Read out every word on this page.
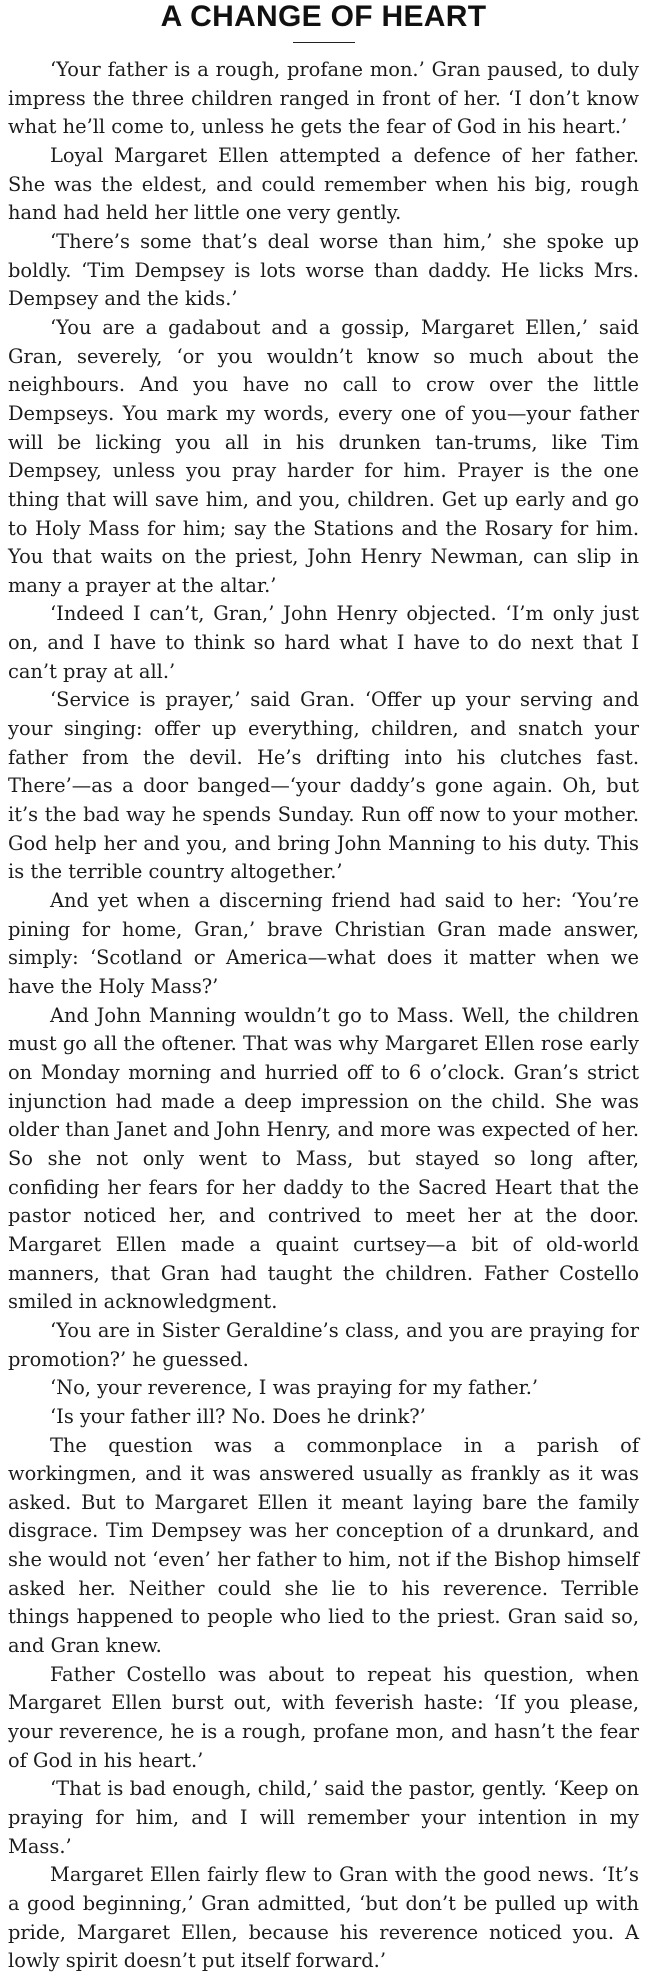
A CHANGE OF HEART

‘Your father is a rough, profane mon.’ Gran paused, to duly impress the three children ranged in front of her. ‘I don’t know what he’ll come to, unless he gets the fear of God in his heart.’

Loyal Margaret Ellen attempted a defence of her father. She was the eldest, and could remember when his big, rough hand had held her little one very gently.

‘There’s some that’s deal worse than him,’ she spoke up boldly. ‘Tim Dempsey is lots worse than daddy. He licks Mrs. Dempsey and the kids.’

‘You are a gadabout and a gossip, Margaret Ellen,’ said Gran, severely, ‘or you wouldn’t know so much about the neighbours. And you have no call to crow over the little Dempseys. You mark my words, every one of you—your father will be licking you all in his drunken tan-trums, like Tim Dempsey, unless you pray harder for him. Prayer is the one thing that will save him, and you, children. Get up early and go to Holy Mass for him; say the Stations and the Rosary for him. You that waits on the priest, John Henry Newman, can slip in many a prayer at the altar.’

‘Indeed I can’t, Gran,’ John Henry objected. ‘I’m only just on, and I have to think so hard what I have to do next that I can’t pray at all.’

‘Service is prayer,’ said Gran. ‘Offer up your serving and your singing: offer up everything, children, and snatch your father from the devil. He’s drifting into his clutches fast. There’—as a door banged—‘your daddy’s gone again. Oh, but it’s the bad way he spends Sunday. Run off now to your mother. God help her and you, and bring John Manning to his duty. This is the terrible country altogether.’

And yet when a discerning friend had said to her: ‘You’re pining for home, Gran,’ brave Christian Gran made answer, simply: ‘Scotland or America—what does it matter when we have the Holy Mass?’

And John Manning wouldn’t go to Mass. Well, the children must go all the oftener. That was why Margaret Ellen rose early on Monday morning and hurried off to 6 o’clock. Gran’s strict injunction had made a deep impression on the child. She was older than Janet and John Henry, and more was expected of her. So she not only went to Mass, but stayed so long after, confiding her fears for her daddy to the Sacred Heart that the pastor noticed her, and contrived to meet her at the door. Margaret Ellen made a quaint curtsey—a bit of old-world manners, that Gran had taught the children. Father Costello smiled in acknowledgment.

‘You are in Sister Geraldine’s class, and you are praying for promotion?’ he guessed.

‘No, your reverence, I was praying for my father.’

‘Is your father ill? No. Does he drink?’

The question was a commonplace in a parish of workingmen, and it was answered usually as frankly as it was asked. But to Margaret Ellen it meant laying bare the family disgrace. Tim Dempsey was her conception of a drunkard, and she would not ‘even’ her father to him, not if the Bishop himself asked her. Neither could she lie to his reverence. Terrible things happened to people who lied to the priest. Gran said so, and Gran knew.

Father Costello was about to repeat his question, when Margaret Ellen burst out, with feverish haste: ‘If you please, your reverence, he is a rough, profane mon, and hasn’t the fear of God in his heart.’

‘That is bad enough, child,’ said the pastor, gently. ‘Keep on praying for him, and I will remember your intention in my Mass.’

Margaret Ellen fairly flew to Gran with the good news. ‘It’s a good beginning,’ Gran admitted, ‘but don’t be pulled up with pride, Margaret Ellen, because his reverence noticed you. A lowly spirit doesn’t put itself forward.’
